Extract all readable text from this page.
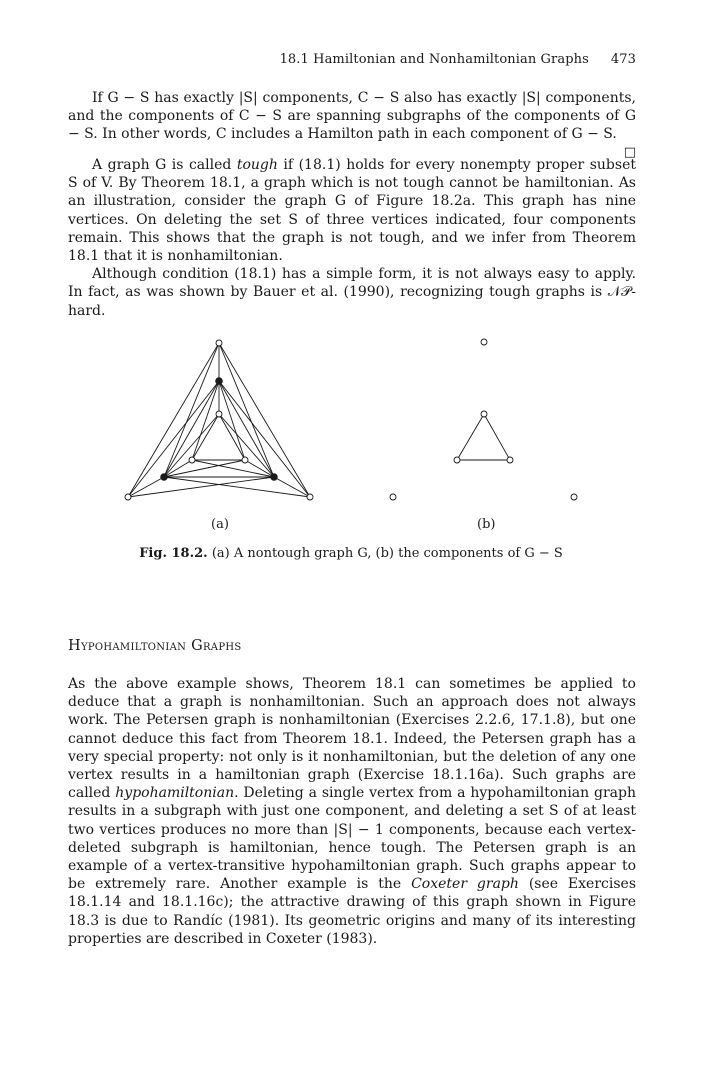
18.1 Hamiltonian and Nonhamiltonian Graphs 473

If G − S has exactly |S| components, C − S also has exactly |S| components, and the components of C − S are spanning subgraphs of the components of G − S. In other words, C includes a Hamilton path in each component of G − S.
□

A graph G is called tough if (18.1) holds for every nonempty proper subset S of V. By Theorem 18.1, a graph which is not tough cannot be hamiltonian. As an illustration, consider the graph G of Figure 18.2a. This graph has nine vertices. On deleting the set S of three vertices indicated, four components remain. This shows that the graph is not tough, and we infer from Theorem 18.1 that it is nonhamiltonian.

Although condition (18.1) has a simple form, it is not always easy to apply. In fact, as was shown by Bauer et al. (1990), recognizing tough graphs is 𝒩𝒫-hard.

(a)	(b)
Fig. 18.2. (a) A nontough graph G, (b) the components of G − S
Hypohamiltonian Graphs

As the above example shows, Theorem 18.1 can sometimes be applied to deduce that a graph is nonhamiltonian. Such an approach does not always work. The Petersen graph is nonhamiltonian (Exercises 2.2.6, 17.1.8), but one cannot deduce this fact from Theorem 18.1. Indeed, the Petersen graph has a very special property: not only is it nonhamiltonian, but the deletion of any one vertex results in a hamiltonian graph (Exercise 18.1.16a). Such graphs are called hypohamiltonian. Deleting a single vertex from a hypohamiltonian graph results in a subgraph with just one component, and deleting a set S of at least two vertices produces no more than |S| − 1 components, because each vertex-deleted subgraph is hamiltonian, hence tough. The Petersen graph is an example of a vertex-transitive hypohamiltonian graph. Such graphs appear to be extremely rare. Another example is the Coxeter graph (see Exercises 18.1.14 and 18.1.16c); the attractive drawing of this graph shown in Figure 18.3 is due to Randíc (1981). Its geometric origins and many of its interesting properties are described in Coxeter (1983).
